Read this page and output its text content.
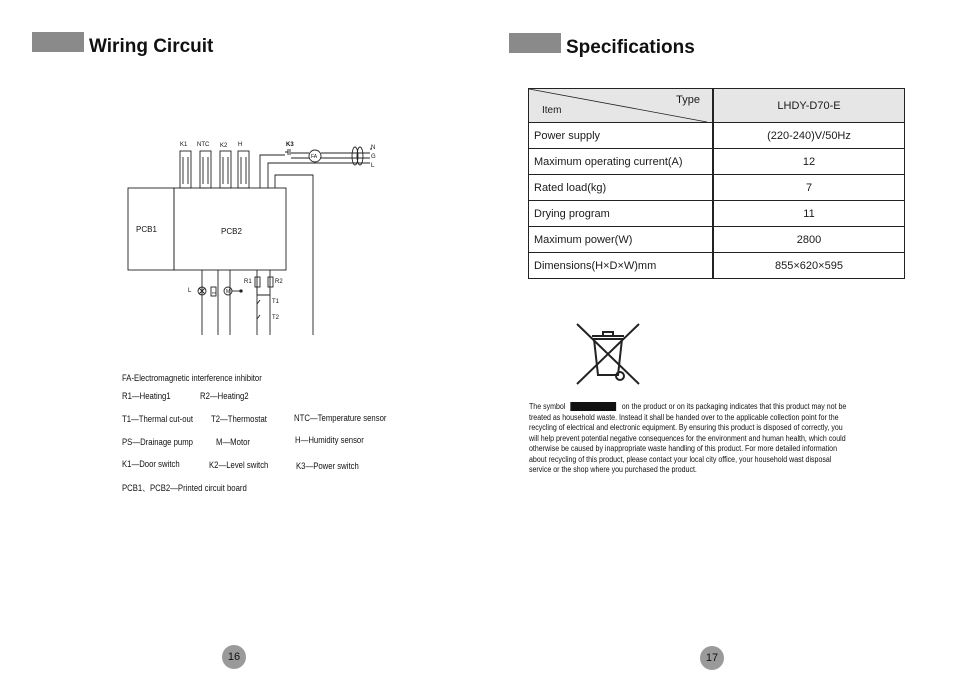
Wiring Circuit
K1 NTC K2 H	K3
FA
N
G
L
PCB1	PCB2
R1	R2
T1
T2
L	PS M
FA-Electromagnetic interference inhibitor
R1—Heating1	R2—Heating2
T1—Thermal cut-out T2—Thermostat	NTC—Temperature sensor
PS—Drainage pump	M—Motor	H—Humidity sensor
K1—Door switch	K2—Level switch	K3—Power switch
PCB1、PCB2—Printed circuit board
16
Specifications
Type
Item	LHDY-D70-E
Power supply	(220-240)V/50Hz
Maximum operating current(A)	12
Rated load(kg)	7
Drying program	11
Maximum power(W)	2800
Dimensions(H×D×W)mm	855×620×595
The symbol	on the product or on its packaging indicates that this product may not be
treated as household waste. Instead it shall be handed over to the applicable collection point for the
recycling of electrical and electronic equipment. By ensuring this product is disposed of correctly, you
will help prevent potential negative consequences for the environment and human health, which could
otherwise be caused by inappropriate waste handling of this product. For more detailed information
about recycling of this product, please contact your local city office, your household wast disposal
service or the shop where you purchased the product.
17
